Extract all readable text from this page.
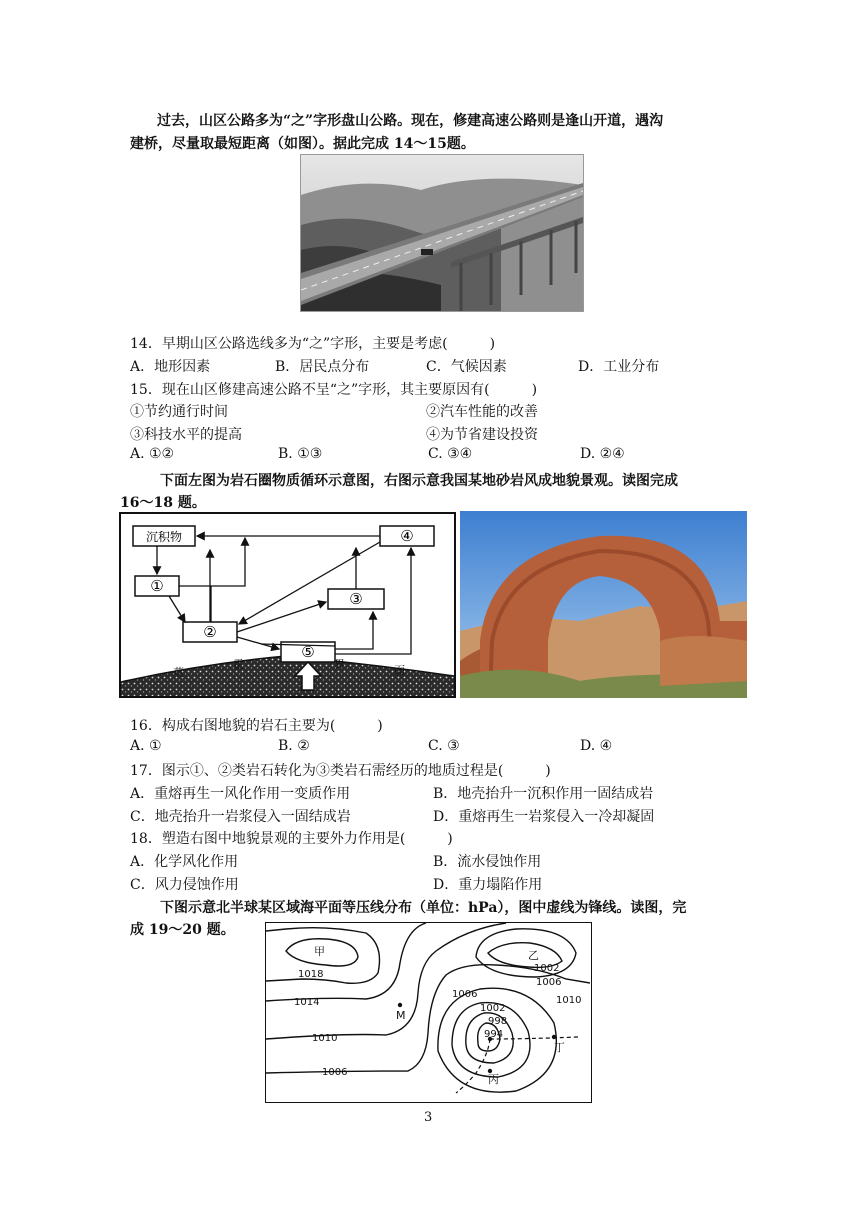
过去，山区公路多为“之”字形盘山公路。现在，修建高速公路则是逢山开道，遇沟
建桥，尽量取最短距离（如图）。据此完成 14～15题。
14．早期山区公路选线多为“之”字形，主要是考虑(　　　)
A．地形因素	B．居民点分布	C．气候因素	D．工业分布
15．现在山区修建高速公路不呈“之”字形，其主要原因有(　　　)
①节约通行时间	②汽车性能的改善
③科技水平的提高	④为节省建设投资
A. ①②	B. ①③	C. ③④	D. ②④
下面左图为岩石圈物质循环示意图，右图示意我国某地砂岩风成地貌景观。读图完成
16～18 题。
沉积物
①
②
③
④
⑤
莫
霍	界	面
16．构成右图地貌的岩石主要为(　　　)
A. ①	B. ②	C. ③	D. ④
17．图示①、②类岩石转化为③类岩石需经历的地质过程是(　　　)
A．重熔再生一风化作用一变质作用	B．地壳抬升一沉积作用一固结成岩
C．地壳抬升一岩浆侵入一固结成岩	D．重熔再生一岩浆侵入一冷却凝固
18．塑造右图中地貌景观的主要外力作用是(　　　)
A．化学风化作用	B．流水侵蚀作用
C．风力侵蚀作用	D．重力塌陷作用
下图示意北半球某区域海平面等压线分布（单位：hPa），图中虚线为锋线。读图，完
成 19～20 题。
甲	乙
丙
丁
M
1018
1014
1010
1006
1006
1002
1006
1010
1002
998
994
3
